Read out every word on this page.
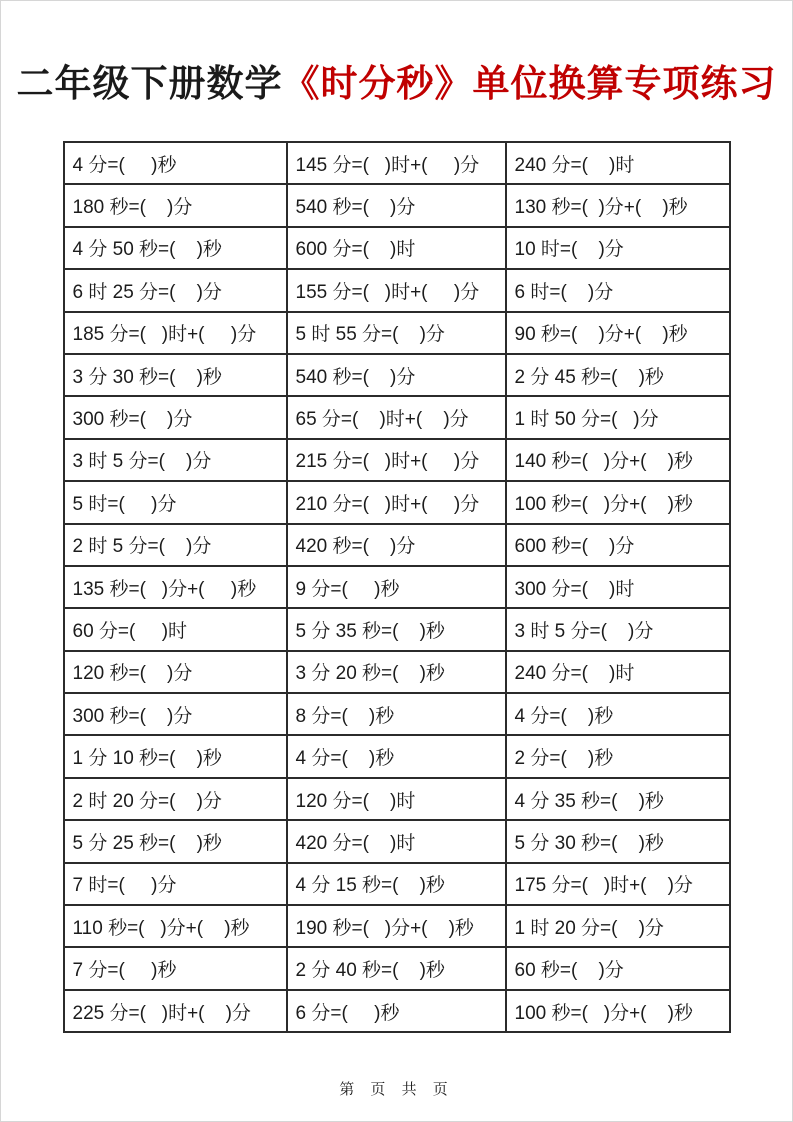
二年级下册数学《时分秒》单位换算专项练习
4 分=(     )秒	145 分=(   )时+(     )分	240 分=(    )时
180 秒=(    )分	540 秒=(    )分	130 秒=(  )分+(    )秒
4 分 50 秒=(    )秒	600 分=(    )时	10 时=(    )分
6 时 25 分=(    )分	155 分=(   )时+(     )分	6 时=(    )分
185 分=(   )时+(     )分	5 时 55 分=(    )分	90 秒=(    )分+(    )秒
3 分 30 秒=(    )秒	540 秒=(    )分	2 分 45 秒=(    )秒
300 秒=(    )分	65 分=(    )时+(    )分	1 时 50 分=(   )分
3 时 5 分=(    )分	215 分=(   )时+(     )分	140 秒=(   )分+(    )秒
5 时=(     )分	210 分=(   )时+(     )分	100 秒=(   )分+(    )秒
2 时 5 分=(    )分	420 秒=(    )分	600 秒=(    )分
135 秒=(   )分+(     )秒	9 分=(     )秒	300 分=(    )时
60 分=(     )时	5 分 35 秒=(    )秒	3 时 5 分=(    )分
120 秒=(    )分	3 分 20 秒=(    )秒	240 分=(    )时
300 秒=(    )分	8 分=(    )秒	4 分=(    )秒
1 分 10 秒=(    )秒	4 分=(    )秒	2 分=(    )秒
2 时 20 分=(    )分	120 分=(    )时	4 分 35 秒=(    )秒
5 分 25 秒=(    )秒	420 分=(    )时	5 分 30 秒=(    )秒
7 时=(     )分	4 分 15 秒=(    )秒	175 分=(   )时+(    )分
110 秒=(   )分+(    )秒	190 秒=(   )分+(    )秒	1 时 20 分=(    )分
7 分=(     )秒	2 分 40 秒=(    )秒	60 秒=(    )分
225 分=(   )时+(    )分	6 分=(     )秒	100 秒=(   )分+(    )秒
第 页 共 页
